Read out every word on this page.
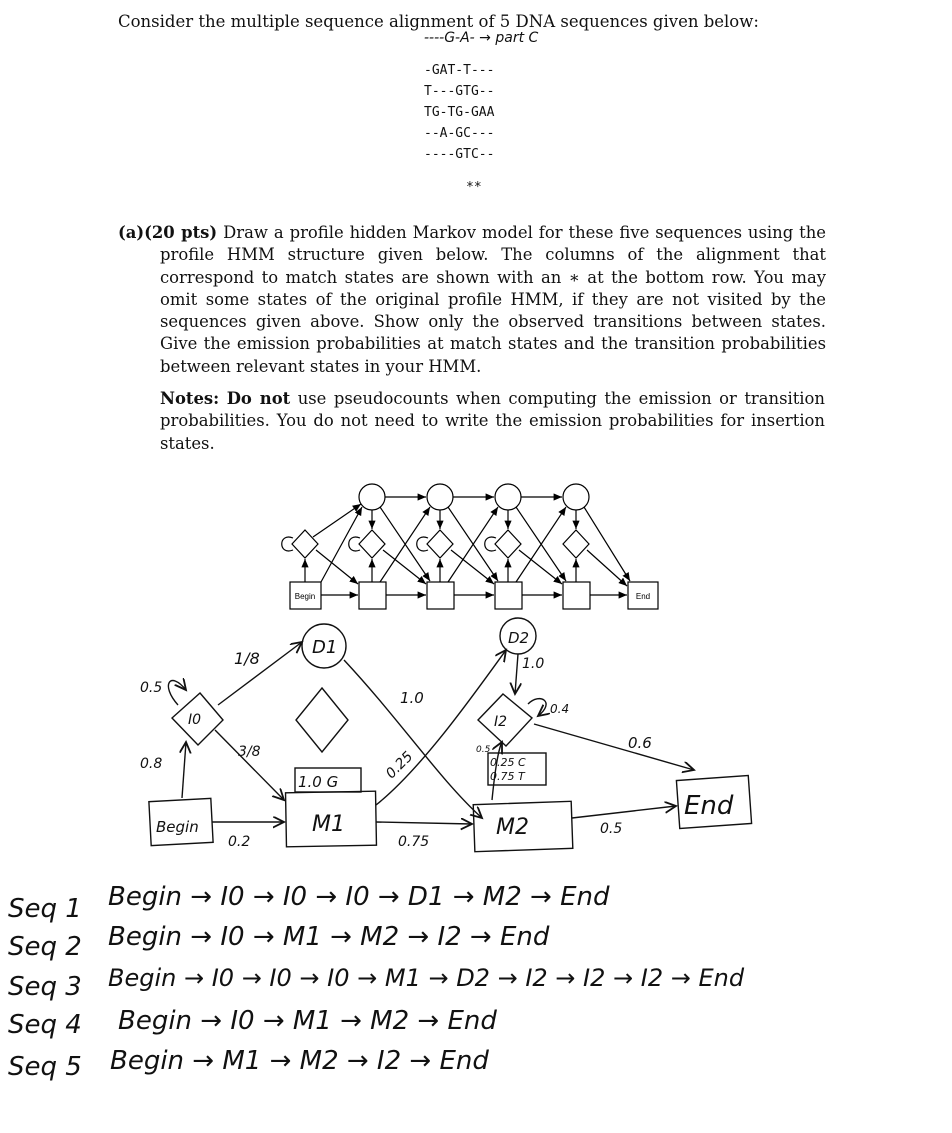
Consider the multiple sequence alignment of 5 DNA sequences given below:
----G-A- → part C
-GAT-T---
T---GTG--
TG-TG-GAA
--A-GC---
----GTC--
**
(a)(20 pts) Draw a profile hidden Markov model for these five sequences using the profile HMM structure given below. The columns of the alignment that correspond to match states are shown with an ∗ at the bottom row. You may omit some states of the original profile HMM, if they are not visited by the sequences given above. Show only the observed transitions between states. Give the emission probabilities at match states and the transition probabilities between relevant states in your HMM.
Notes: Do not use pseudocounts when computing the emission or transition probabilities. You do not need to write the emission probabilities for insertion states.
Begin	End
Begin	M1	M2
End
I0	I2
D1	D2
1.0 G
0.25 C
0.75 T
0.8
0.5
0.2
1/8
3/8
1.0
0.25
0.75
1.0
0.4
0.6
0.5
0.5
Seq 1 Begin → I0 → I0 → I0 → D1 → M2 → End
Seq 2 Begin → I0 → M1 → M2 → I2 → End
Seq 3 Begin → I0 → I0 → I0 → M1 → D2 → I2 → I2 → I2 → End
Seq 4 Begin → I0 → M1 → M2 → End
Seq 5 Begin → M1 → M2 → I2 → End
